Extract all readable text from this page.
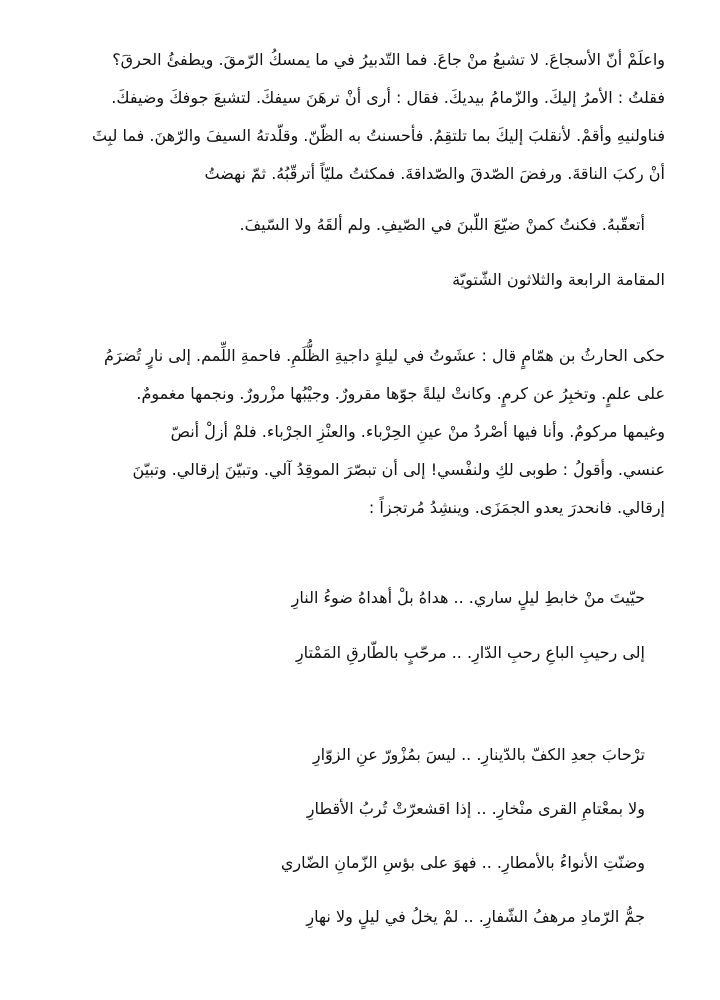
واعلَمْ أنّ الأسجاعَ. لا تشبعُ منْ جاعَ. فما التّدبيرُ في ما يمسكُ الرّمقَ. ويطفئُ الحرقَ؟

فقلتُ : الأمرُ إليكَ. والزّمامُ بيديكَ. فقال : أرى أنْ ترهَنَ سيفكَ. لتشبعَ جوفكَ وضيفكَ.

فناولنيهِ وأقمْ. لأنقلبَ إليكَ بما تلتقِمُ. فأحسنتُ به الظّنّ. وقلّدتهُ السيفَ والرّهنَ. فما لبِثَ

أنْ ركبَ الناقةَ. ورفضَ الصّدقَ والصّداقةَ. فمكثتُ مليّاً أترقّبُهُ. ثمّ نهضتُ

أتعقّبهُ. فكنتُ كمنْ ضيّعَ اللّبنَ في الصّيفِ. ولم ألقَهُ ولا السّيفَ.

المقامة الرابعة والثلاثون الشّتويّة

حكى الحارثُ بن همّامٍ قال : عشَوتُ في ليلةٍ داجيةِ الظُّلَمِ. فاحمةِ اللِّمم. إلى نارٍ تُضرَمُ

على علمٍ. وتخبِرُ عن كرمٍ. وكانتْ ليلةً جوّها مقرورٌ. وجيْبُها مزْرورٌ. ونجمها مغمومٌ.

وغيمها مركومٌ. وأنا فيها أصْردُ منْ عينِ الحِرْباء. والعنْزِ الجرْباء. فلمْ أزلْ أنصّ

عنسي. وأقولُ : طوبى لكِ ولنفْسي! إلى أن تبصّرَ الموقِدُ آلي. وتبيّنَ إرقالي. وتبيّنَ

إرقالي. فانحدرَ يعدو الجمَزَى. وينشِدُ مُرتجزاً :

حيّيتَ منْ خابطِ ليلٍ ساري. .. هداهُ بلْ أهداهُ ضوءُ النارِ

إلى رحيبِ الباعِ رحبِ الدّارِ. .. مرحّبٍ بالطّارقِ المَمْتارِ

ترْحابَ جعدِ الكفّ بالدّينارِ. .. ليسَ بمُزْورّ عنِ الزوّارِ

ولا بمعْتامِ القرى منْخارِ. .. إذا اقشعرّتْ تُربُ الأقطارِ

وضنّتِ الأنواءُ بالأمطارِ. .. فهوَ على بؤسِ الزّمانِ الضّاري

جمُّ الرّمادِ مرهفُ الشّفارِ. .. لمْ يخلُ في ليلٍ ولا نهارِ
